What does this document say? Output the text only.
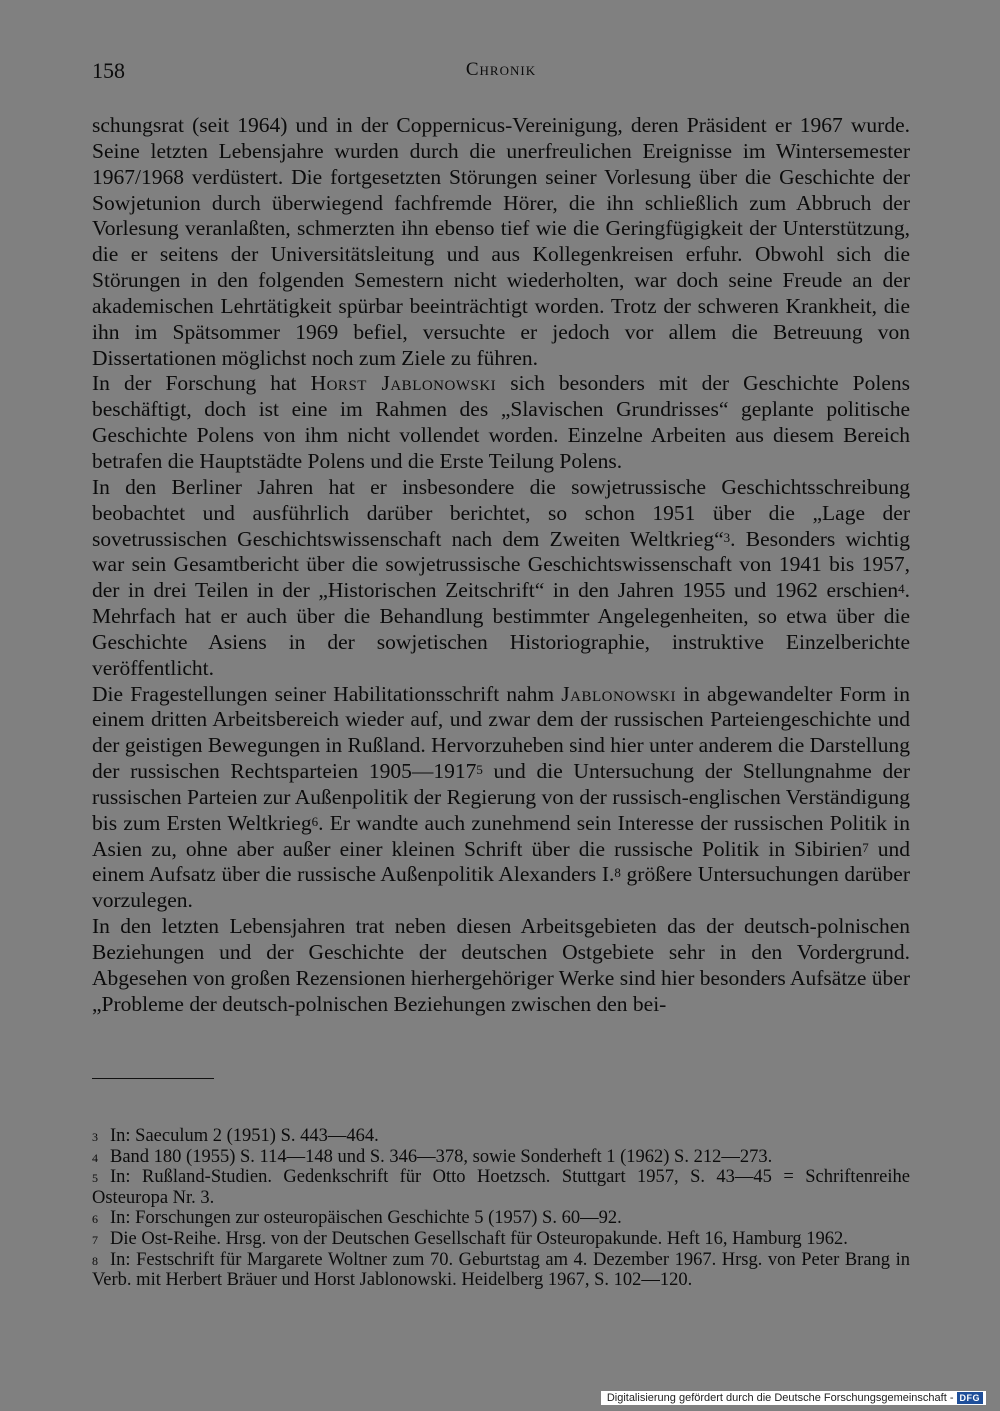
158	Chronik

schungsrat (seit 1964) und in der Coppernicus-Vereinigung, deren Präsident er 1967 wurde. Seine letzten Lebensjahre wurden durch die unerfreulichen Ereignisse im Wintersemester 1967/1968 verdüstert. Die fortgesetzten Störungen seiner Vorlesung über die Geschichte der Sowjetunion durch überwiegend fachfremde Hörer, die ihn schließlich zum Abbruch der Vorlesung veranlaßten, schmerzten ihn ebenso tief wie die Geringfügigkeit der Unterstützung, die er seitens der Universitätsleitung und aus Kollegenkreisen erfuhr. Obwohl sich die Störungen in den folgenden Semestern nicht wiederholten, war doch seine Freude an der akademischen Lehrtätigkeit spürbar beeinträchtigt worden. Trotz der schweren Krankheit, die ihn im Spätsommer 1969 befiel, versuchte er jedoch vor allem die Betreuung von Dissertationen möglichst noch zum Ziele zu führen.

In der Forschung hat Horst Jablonowski sich besonders mit der Geschichte Polens beschäftigt, doch ist eine im Rahmen des „Slavischen Grundrisses“ geplante politische Geschichte Polens von ihm nicht vollendet worden. Einzelne Arbeiten aus diesem Bereich betrafen die Hauptstädte Polens und die Erste Teilung Polens.

In den Berliner Jahren hat er insbesondere die sowjetrussische Geschichtsschreibung beobachtet und ausführlich darüber berichtet, so schon 1951 über die „Lage der sovetrussischen Geschichtswissenschaft nach dem Zweiten Weltkrieg“$^3$. Besonders wichtig war sein Gesamtbericht über die sowjetrussische Geschichtswissenschaft von 1941 bis 1957, der in drei Teilen in der „Historischen Zeitschrift“ in den Jahren 1955 und 1962 erschien$^4$. Mehrfach hat er auch über die Behandlung bestimmter Angelegenheiten, so etwa über die Geschichte Asiens in der sowjetischen Historiographie, instruktive Einzelberichte veröffentlicht.

Die Fragestellungen seiner Habilitationsschrift nahm Jablonowski in abgewandelter Form in einem dritten Arbeitsbereich wieder auf, und zwar dem der russischen Parteiengeschichte und der geistigen Bewegungen in Rußland. Hervorzuheben sind hier unter anderem die Darstellung der russischen Rechtsparteien 1905—1917$^5$ und die Untersuchung der Stellungnahme der russischen Parteien zur Außenpolitik der Regierung von der russisch-englischen Verständigung bis zum Ersten Weltkrieg$^6$. Er wandte auch zunehmend sein Interesse der russischen Politik in Asien zu, ohne aber außer einer kleinen Schrift über die russische Politik in Sibirien$^7$ und einem Aufsatz über die russische Außenpolitik Alexanders I.$^8$ größere Untersuchungen darüber vorzulegen.

In den letzten Lebensjahren trat neben diesen Arbeitsgebieten das der deutsch-polnischen Beziehungen und der Geschichte der deutschen Ostgebiete sehr in den Vordergrund. Abgesehen von großen Rezensionen hierhergehöriger Werke sind hier besonders Aufsätze über „Probleme der deutsch-polnischen Beziehungen zwischen den bei-

3 In: Saeculum 2 (1951) S. 443—464.

4 Band 180 (1955) S. 114—148 und S. 346—378, sowie Sonderheft 1 (1962) S. 212—273.

5 In: Rußland-Studien. Gedenkschrift für Otto Hoetzsch. Stuttgart 1957, S. 43—45 = Schriftenreihe Osteuropa Nr. 3.

6 In: Forschungen zur osteuropäischen Geschichte 5 (1957) S. 60—92.

7 Die Ost-Reihe. Hrsg. von der Deutschen Gesellschaft für Osteuropakunde. Heft 16, Hamburg 1962.

8 In: Festschrift für Margarete Woltner zum 70. Geburtstag am 4. Dezember 1967. Hrsg. von Peter Brang in Verb. mit Herbert Bräuer und Horst Jablonowski. Heidelberg 1967, S. 102—120.

Digitalisierung gefördert durch die Deutsche Forschungsgemeinschaft - DFG
